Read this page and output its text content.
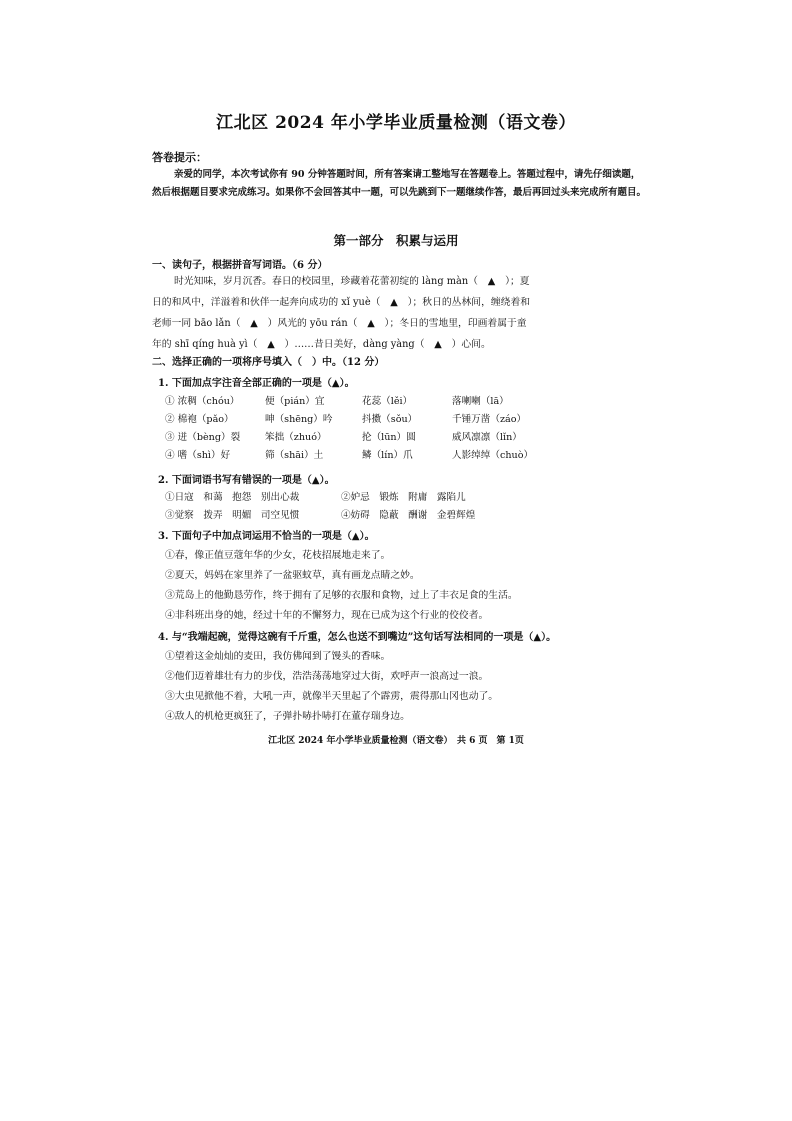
江北区 2024 年小学毕业质量检测（语文卷）
答卷提示：
亲爱的同学，本次考试你有 90 分钟答题时间，所有答案请工整地写在答题卷上。答题过程中，请先仔细读题，然后根据题目要求完成练习。如果你不会回答其中一题，可以先跳到下一题继续作答，最后再回过头来完成所有题目。
第一部分　积累与运用
一、读句子，根据拼音写词语。（6 分）
时光知味，岁月沉香。春日的校园里，珍藏着花蕾初绽的 làng màn（　▲　）；夏
日的和风中，洋溢着和伙伴一起奔向成功的 xǐ yuè（　▲　）；秋日的丛林间，缠绕着和
老师一同 bāo lǎn（　▲　）风光的 yōu rán（　▲　）；冬日的雪地里，印画着属于童
年的 shī qíng huà yì（　▲　）……昔日美好，dàng yàng（　▲　）心间。
二、选择正确的一项将序号填入（　）中。（12 分）
1. 下面加点字注音全部正确的一项是（▲）。
① 浓稠（chóu）	便（pián）宜	花蕊（lěi）	落喇喇（lā）
② 棉袍（pǎo）	呻（shēng）吟	抖擞（sǒu）	千锤万凿（záo）
③ 迸（bèng）裂	笨拙（zhuó）	抡（lūn）圆	威风凛凛（lǐn）
④ 嗜（shì）好	筛（shāi）土	鳞（lín）爪	人影绰绰（chuò）
2. 下面词语书写有错误的一项是（▲）。
①日寇　和蔼　抱怨　别出心裁	②妒忌　锻炼　附庸　露陷儿
③觉察　拨弄　明媚　司空见惯	④妨碍　隐蔽　酬谢　金碧辉煌
3. 下面句子中加点词运用不恰当的一项是（▲）。
①春，像正值豆蔻年华的少女，花枝招展地走来了。
②夏天，妈妈在家里养了一盆驱蚊草，真有画龙点睛之妙。
③荒岛上的他勤恳劳作，终于拥有了足够的衣服和食物，过上了丰衣足食的生活。
④非科班出身的她，经过十年的不懈努力，现在已成为这个行业的佼佼者。
4. 与“我端起碗，觉得这碗有千斤重，怎么也送不到嘴边”这句话写法相同的一项是（▲）。
①望着这金灿灿的麦田，我仿佛闻到了馒头的香味。
②他们迈着雄壮有力的步伐，浩浩荡荡地穿过大街，欢呼声一浪高过一浪。
③大虫见掀他不着，大吼一声，就像半天里起了个霹雳，震得那山冈也动了。
④敌人的机枪更疯狂了，子弹扑哧扑哧打在董存瑞身边。
江北区 2024 年小学毕业质量检测（语文卷）　共 6 页　第 1页
